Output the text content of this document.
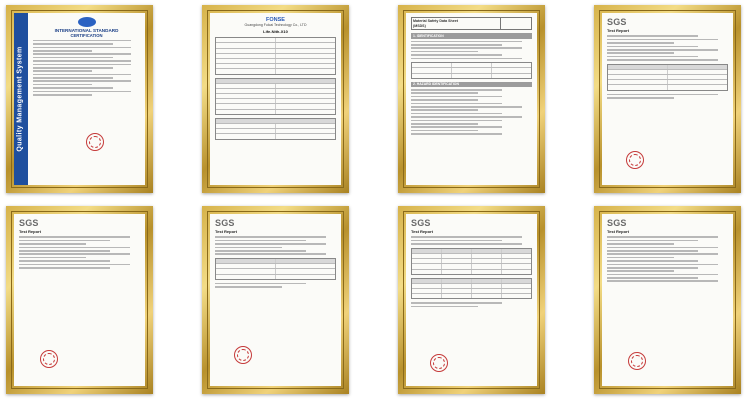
Quality Management System
INTERNATIONAL STANDARD
CERTIFICATION
FONSE
Guangdong Fulcai Technology Co., LTD
Life-Nith-X10
Material Safety Data Sheet
(MSDS)
1. IDENTIFICATION
2. HAZARD IDENTIFICATION
SGS
Test Report
SGS
Test Report
SGS
Test Report
SGS
Test Report
SGS
Test Report
